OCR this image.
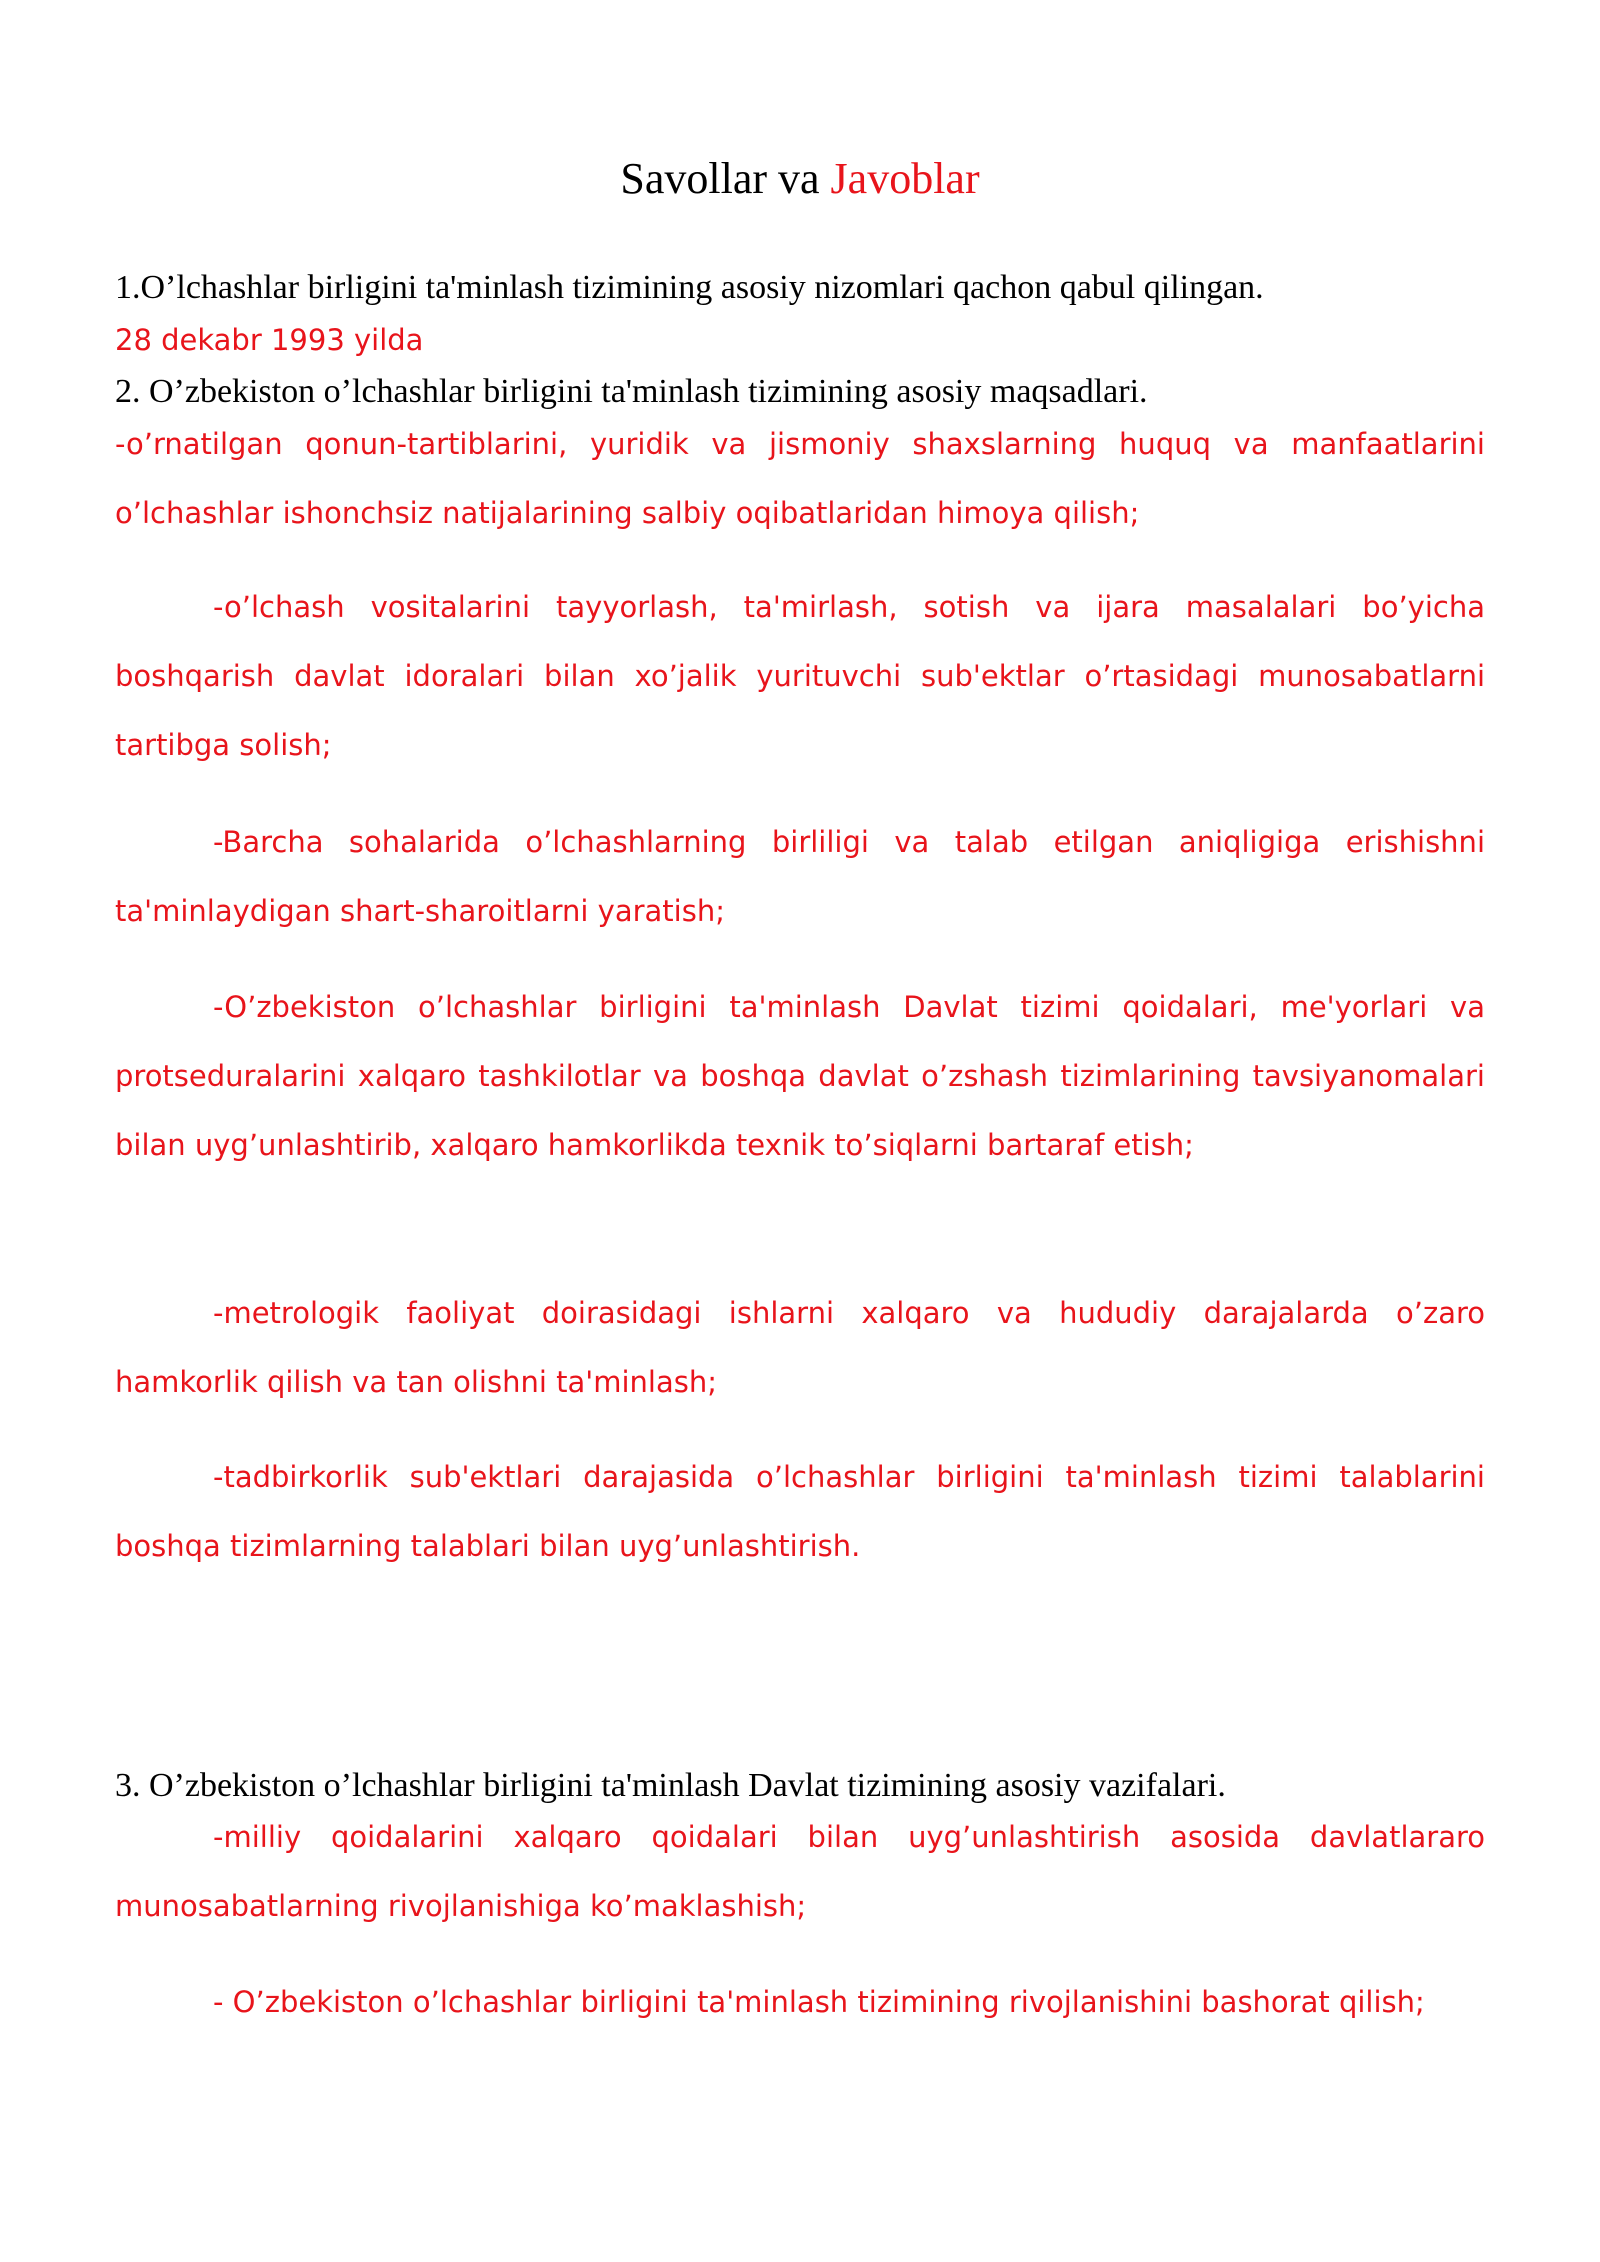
Savollar va Javoblar
1.O’lchashlar birligini ta'minlash tizimining asosiy nizomlari qachon qabul qilingan.
28 dekabr 1993 yilda
2. O’zbekiston o’lchashlar birligini ta'minlash tizimining asosiy maqsadlari.
-o’rnatilgan qonun-tartiblarini, yuridik va jismoniy shaxslarning huquq va manfaatlarini o’lchashlar ishonchsiz natijalarining salbiy oqibatlaridan himoya qilish;
-o’lchash vositalarini tayyorlash, ta'mirlash, sotish va ijara masalalari bo’yicha boshqarish davlat idoralari bilan xo’jalik yurituvchi sub'ektlar o’rtasidagi munosabatlarni tartibga solish;
-Barcha sohalarida o’lchashlarning birliligi va talab etilgan aniqligiga erishishni ta'minlaydigan shart-sharoitlarni yaratish;
-O’zbekiston o’lchashlar birligini ta'minlash Davlat tizimi qoidalari, me'yorlari va protseduralarini xalqaro tashkilotlar va boshqa davlat o’zshash tizimlarining tavsiyanomalari bilan uyg’unlashtirib, xalqaro hamkorlikda texnik to’siqlarni bartaraf etish;
-metrologik faoliyat doirasidagi ishlarni xalqaro va hududiy darajalarda o’zaro hamkorlik qilish va tan olishni ta'minlash;
-tadbirkorlik sub'ektlari darajasida o’lchashlar birligini ta'minlash tizimi talablarini boshqa tizimlarning talablari bilan uyg’unlashtirish.
3. O’zbekiston o’lchashlar birligini ta'minlash Davlat tizimining asosiy vazifalari.
-milliy qoidalarini xalqaro qoidalari bilan uyg’unlashtirish asosida davlatlararo munosabatlarning rivojlanishiga ko’maklashish;
- O’zbekiston o’lchashlar birligini ta'minlash tizimining rivojlanishini bashorat qilish;
